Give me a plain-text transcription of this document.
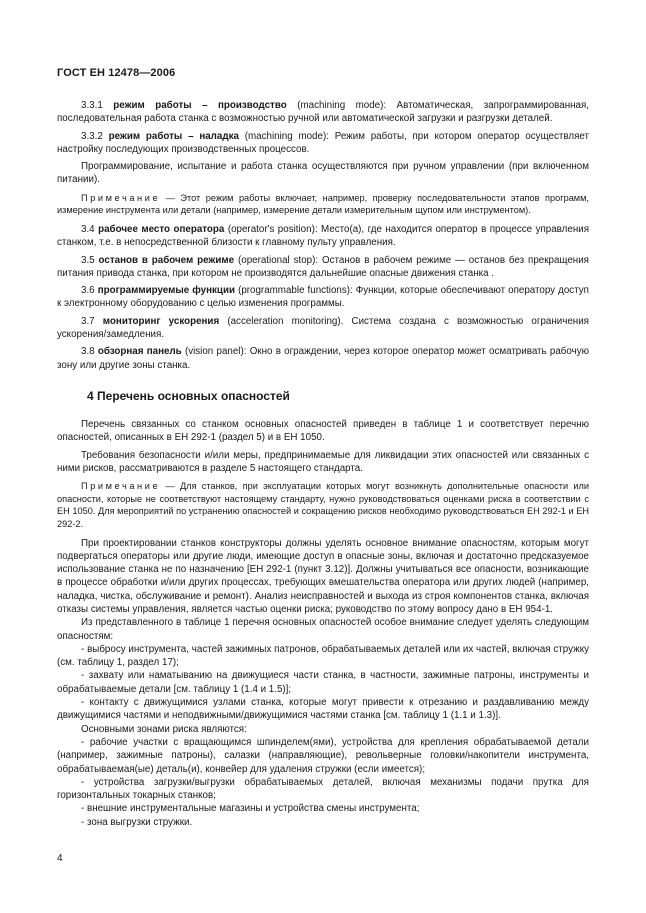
ГОСТ ЕН 12478—2006

3.3.1 режим работы – производство (machining mode): Автоматическая, запрограммированная, последовательная работа станка с возможностью ручной или автоматической загрузки и разгрузки деталей.

3.3.2 режим работы – наладка (machining mode): Режим работы, при котором оператор осуществляет настройку последующих производственных процессов.

Программирование, испытание и работа станка осуществляются при ручном управлении (при включенном питании).

Примечание — Этот режим работы включает, например, проверку последовательности этапов программ, измерение инструмента или детали (например, измерение детали измерительным щупом или инструментом).

3.4 рабочее место оператора (operator's position): Место(а), где находится оператор в процессе управления станком, т.е. в непосредственной близости к главному пульту управления.

3.5 останов в рабочем режиме (operational stop): Останов в рабочем режиме — останов без прекращения питания привода станка, при котором не производятся дальнейшие опасные движения станка .

3.6 программируемые функции (programmable functions): Функции, которые обеспечивают оператору доступ к электронному оборудованию с целью изменения программы.

3.7 мониторинг ускорения (acceleration monitoring). Система создана с возможностью ограничения ускорения/замедления.

3.8 обзорная панель (vision panel): Окно в ограждении, через которое оператор может осматривать рабочую зону или другие зоны станка.

4 Перечень основных опасностей

Перечень связанных со станком основных опасностей приведен в таблице 1 и соответствует перечню опасностей, описанных в ЕН 292-1 (раздел 5) и в ЕН 1050.

Требования безопасности и/или меры, предпринимаемые для ликвидации этих опасностей или связанных с ними рисков, рассматриваются в разделе 5 настоящего стандарта.

Примечание — Для станков, при эксплуатации которых могут возникнуть дополнительные опасности или опасности, которые не соответствуют настоящему стандарту, нужно руководствоваться оценками риска в соответствии с ЕН 1050. Для мероприятий по устранению опасностей и сокращению рисков необходимо руководствоваться ЕН 292-1 и ЕН 292-2.

При проектировании станков конструкторы должны уделять основное внимание опасностям, которым могут подвергаться операторы или другие люди, имеющие доступ в опасные зоны, включая и достаточно предсказуемое использование станка не по назначению [ЕН 292-1 (пункт 3.12)]. Должны учитываться все опасности, возникающие в процессе обработки и/или других процессах, требующих вмешательства оператора или других людей (например, наладка, чистка, обслуживание и ремонт). Анализ неисправностей и выхода из строя компонентов станка, включая отказы системы управления, является частью оценки риска; руководство по этому вопросу дано в ЕН 954-1.

Из представленного в таблице 1 перечня основных опасностей особое внимание следует уделять следующим опасностям:

- выбросу инструмента, частей зажимных патронов, обрабатываемых деталей или их частей, включая стружку (см. таблицу 1, раздел 17);

- захвату или наматыванию на движущиеся части станка, в частности, зажимные патроны, инструменты и обрабатываемые детали [см. таблицу 1 (1.4 и 1.5)];

- контакту с движущимися узлами станка, которые могут привести к отрезанию и раздавливанию между движущимися частями и неподвижными/движущимися частями станка [см. таблицу 1 (1.1 и 1.3)].

Основными зонами риска являются:

- рабочие участки с вращающимся шпинделем(ями), устройства для крепления обрабатываемой детали (например, зажимные патроны), салазки (направляющие), револьверные головки/накопители инструмента, обрабатываемая(ые) деталь(и), конвейер для удаления стружки (если имеется);

- устройства загрузки/выгрузки обрабатываемых деталей, включая механизмы подачи прутка для горизонтальных токарных станков;

- внешние инструментальные магазины и устройства смены инструмента;

- зона выгрузки стружки.

4
